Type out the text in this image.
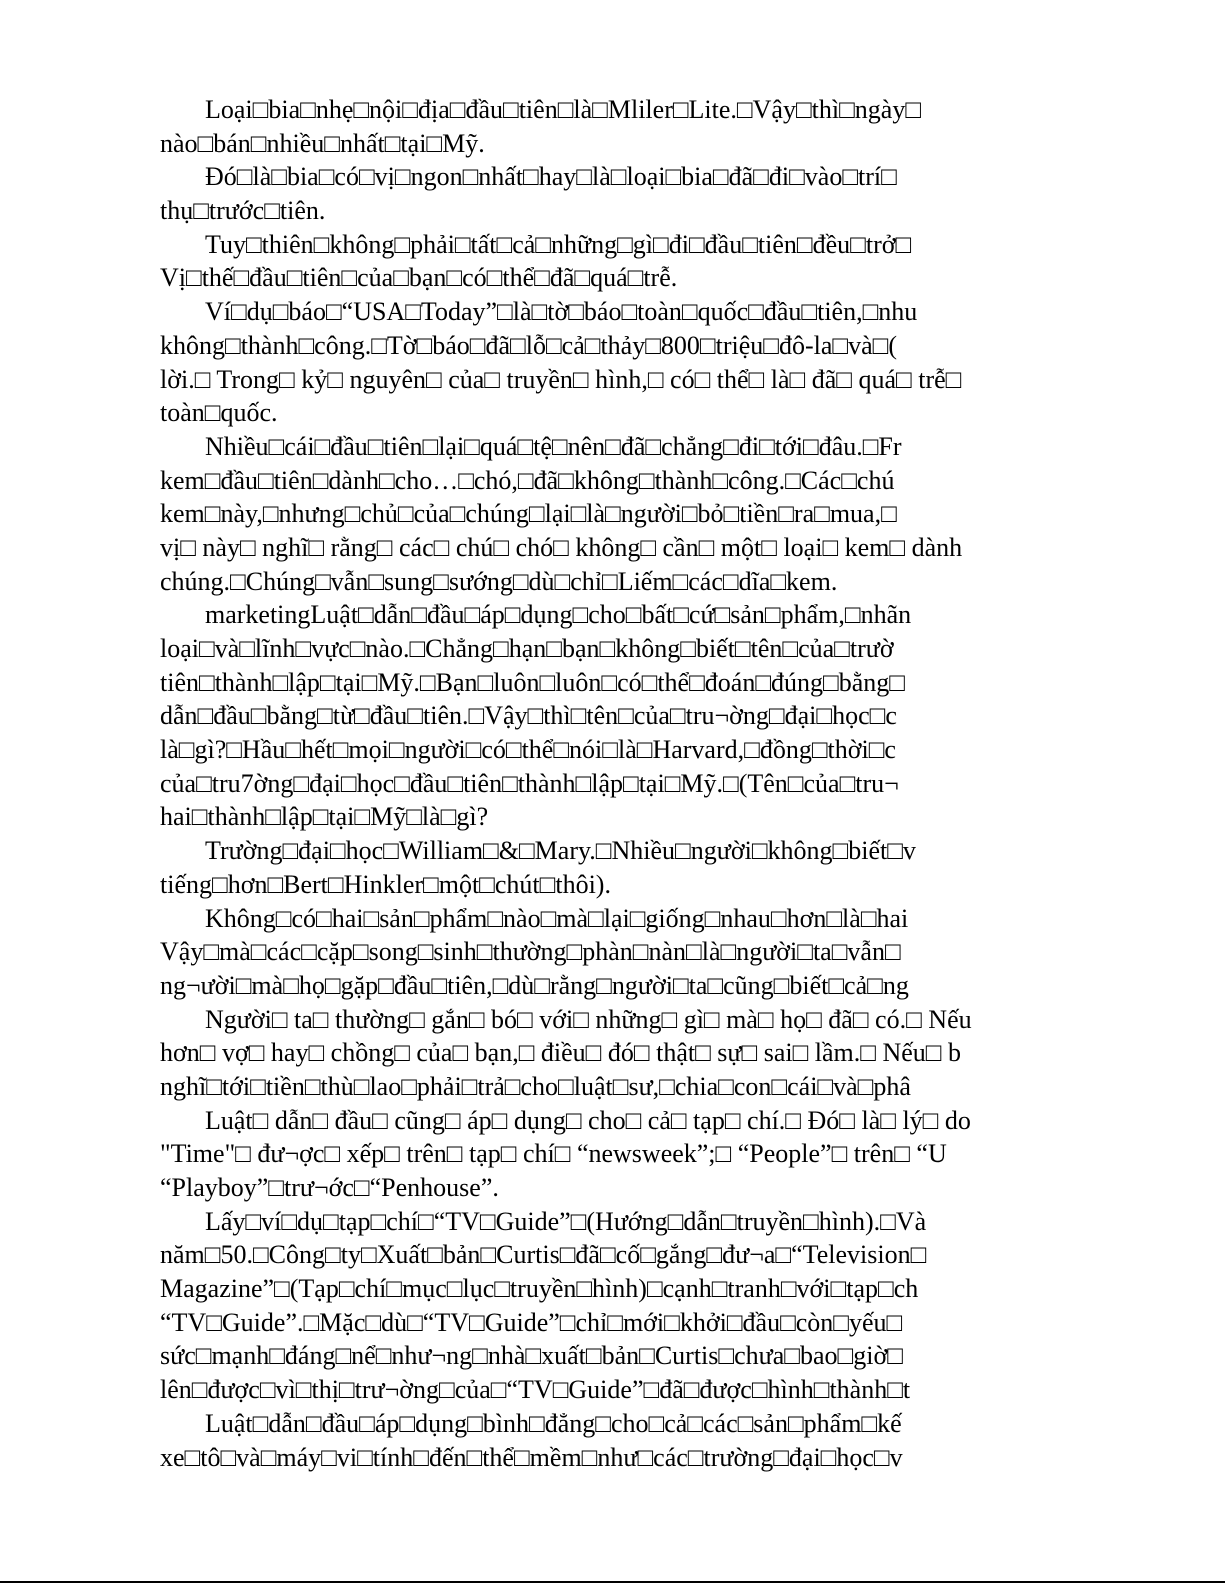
Loại□bia□nhẹ□nội□địa□đầu□tiên□là□Mliler□Lite.□Vậy□thì□ngày□
nào□bán□nhiều□nhất□tại□Mỹ.
Đó□là□bia□có□vị□ngon□nhất□hay□là□loại□bia□đã□đi□vào□trí□
thụ□trước□tiên.
Tuy□thiên□không□phải□tất□cả□những□gì□đi□đầu□tiên□đều□trở□
Vị□thế□đầu□tiên□của□bạn□có□thể□đã□quá□trễ.
Ví□dụ□báo□“USA□Today”□là□tờ□báo□toàn□quốc□đầu□tiên,□nhu
không□thành□công.□Tờ□báo□đã□lỗ□cả□thảy□800□triệu□đô-la□và□(
lời.□ Trong□ kỷ□ nguyên□ của□ truyền□ hình,□ có□ thể□ là□ đã□ quá□ trễ□
toàn□quốc.
Nhiều□cái□đầu□tiên□lại□quá□tệ□nên□đã□chẳng□đi□tới□đâu.□Fr
kem□đầu□tiên□dành□cho…□chó,□đã□không□thành□công.□Các□chú
kem□này,□nhưng□chủ□của□chúng□lại□là□người□bỏ□tiền□ra□mua,□
vị□ này□ nghĩ□ rằng□ các□ chú□ chó□ không□ cần□ một□ loại□ kem□ dành
chúng.□Chúng□vẫn□sung□sướng□dù□chỉ□Liếm□các□dĩa□kem.
marketingLuật□dẫn□đầu□áp□dụng□cho□bất□cứ□sản□phẩm,□nhãn
loại□và□lĩnh□vực□nào.□Chẳng□hạn□bạn□không□biết□tên□của□trườ
tiên□thành□lập□tại□Mỹ.□Bạn□luôn□luôn□có□thể□đoán□đúng□bằng□
dẫn□đầu□bằng□từ□đầu□tiên.□Vậy□thì□tên□của□tru¬ờng□đại□học□c
là□gì?□Hầu□hết□mọi□người□có□thể□nói□là□Harvard,□đồng□thời□c
của□tru7ờng□đại□học□đầu□tiên□thành□lập□tại□Mỹ.□(Tên□của□tru¬
hai□thành□lập□tại□Mỹ□là□gì?
Trường□đại□học□William□&□Mary.□Nhiều□người□không□biết□v
tiếng□hơn□Bert□Hinkler□một□chút□thôi).
Không□có□hai□sản□phẩm□nào□mà□lại□giống□nhau□hơn□là□hai
Vậy□mà□các□cặp□song□sinh□thường□phàn□nàn□là□người□ta□vẫn□
ng¬ười□mà□họ□gặp□đầu□tiên,□dù□rằng□người□ta□cũng□biết□cả□ng
Người□ ta□ thường□ gắn□ bó□ với□ những□ gì□ mà□ họ□ đã□ có.□ Nếu
hơn□ vợ□ hay□ chồng□ của□ bạn,□ điều□ đó□ thật□ sự□ sai□ lầm.□ Nếu□ b
nghĩ□tới□tiền□thù□lao□phải□trả□cho□luật□sư,□chia□con□cái□và□phâ
Luật□ dẫn□ đầu□ cũng□ áp□ dụng□ cho□ cả□ tạp□ chí.□ Đó□ là□ lý□ do
"Time"□ đư¬ợc□ xếp□ trên□ tạp□ chí□ “newsweek”;□ “People”□ trên□ “U
“Playboy”□trư¬ớc□“Penhouse”.
Lấy□ví□dụ□tạp□chí□“TV□Guide”□(Hướng□dẫn□truyền□hình).□Và
năm□50.□Công□ty□Xuất□bản□Curtis□đã□cố□gắng□đư¬a□“Television□
Magazine”□(Tạp□chí□mục□lục□truyền□hình)□cạnh□tranh□với□tạp□ch
“TV□Guide”.□Mặc□dù□“TV□Guide”□chỉ□mới□khởi□đầu□còn□yếu□
sức□mạnh□đáng□nể□như¬ng□nhà□xuất□bản□Curtis□chưa□bao□giờ□
lên□được□vì□thị□trư¬ờng□của□“TV□Guide”□đã□được□hình□thành□t
Luật□dẫn□đầu□áp□dụng□bình□đẳng□cho□cả□các□sản□phẩm□kế
xe□tô□và□máy□vi□tính□đến□thể□mềm□như□các□trường□đại□học□v
